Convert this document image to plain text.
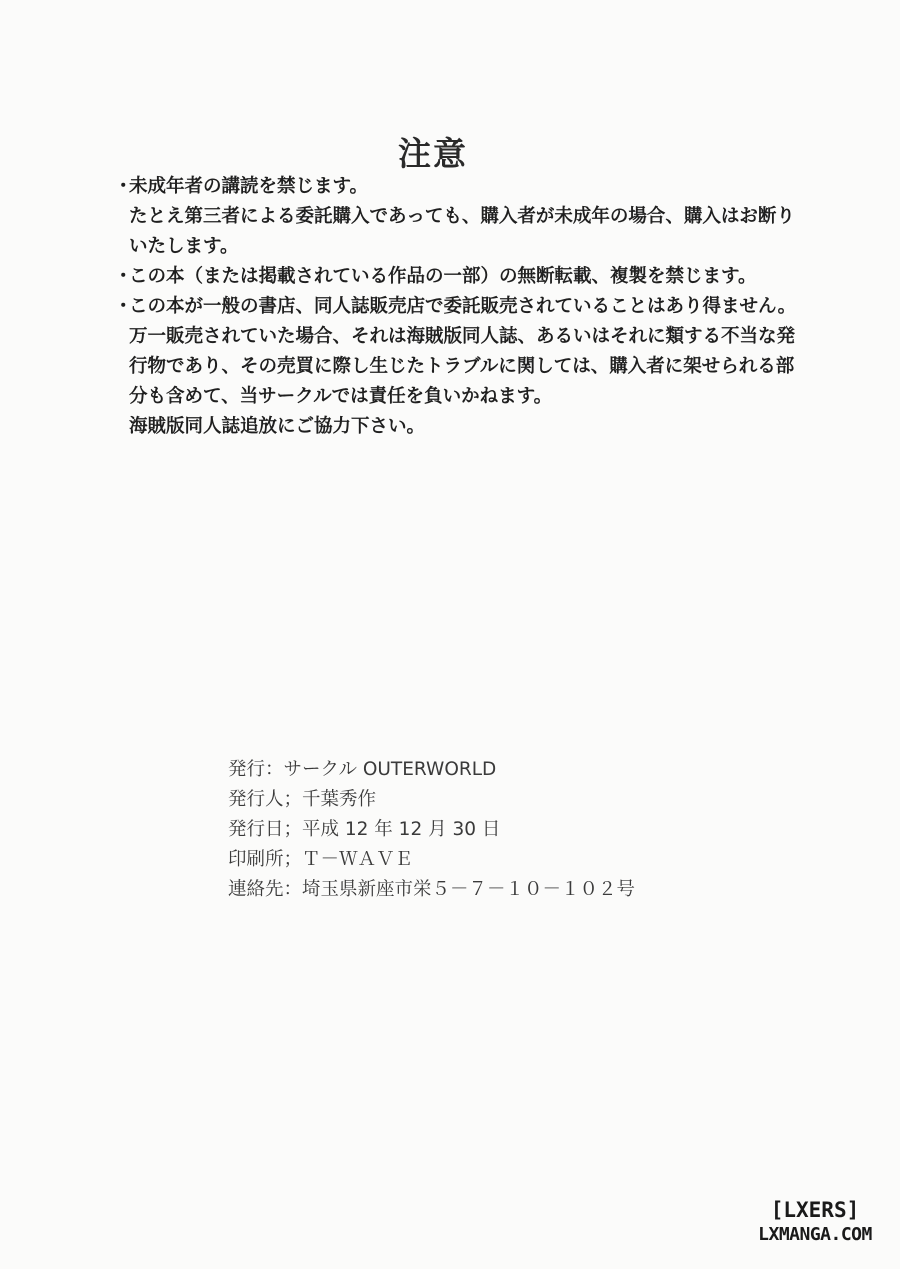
注意

・
未成年者の講読を禁じます。
たとえ第三者による委託購入であっても、購入者が未成年の場合、購入はお断りいたします。

・
この本（または掲載されている作品の一部）の無断転載、複製を禁じます。

・
この本が一般の書店、同人誌販売店で委託販売されていることはあり得ません。万一販売されていた場合、それは海賊版同人誌、あるいはそれに類する不当な発行物であり、その売買に際し生じたトラブルに関しては、購入者に架せられる部分も含めて、当サークルでは責任を負いかねます。

海賊版同人誌追放にご協力下さい。

発行：サークル OUTERWORLD
発行人；千葉秀作
発行日；平成 12 年 12 月 30 日
印刷所；Ｔ－ＷＡＶＥ
連絡先：埼玉県新座市栄５－７－１０－１０２号
[LXERS]
LXMANGA.COM
